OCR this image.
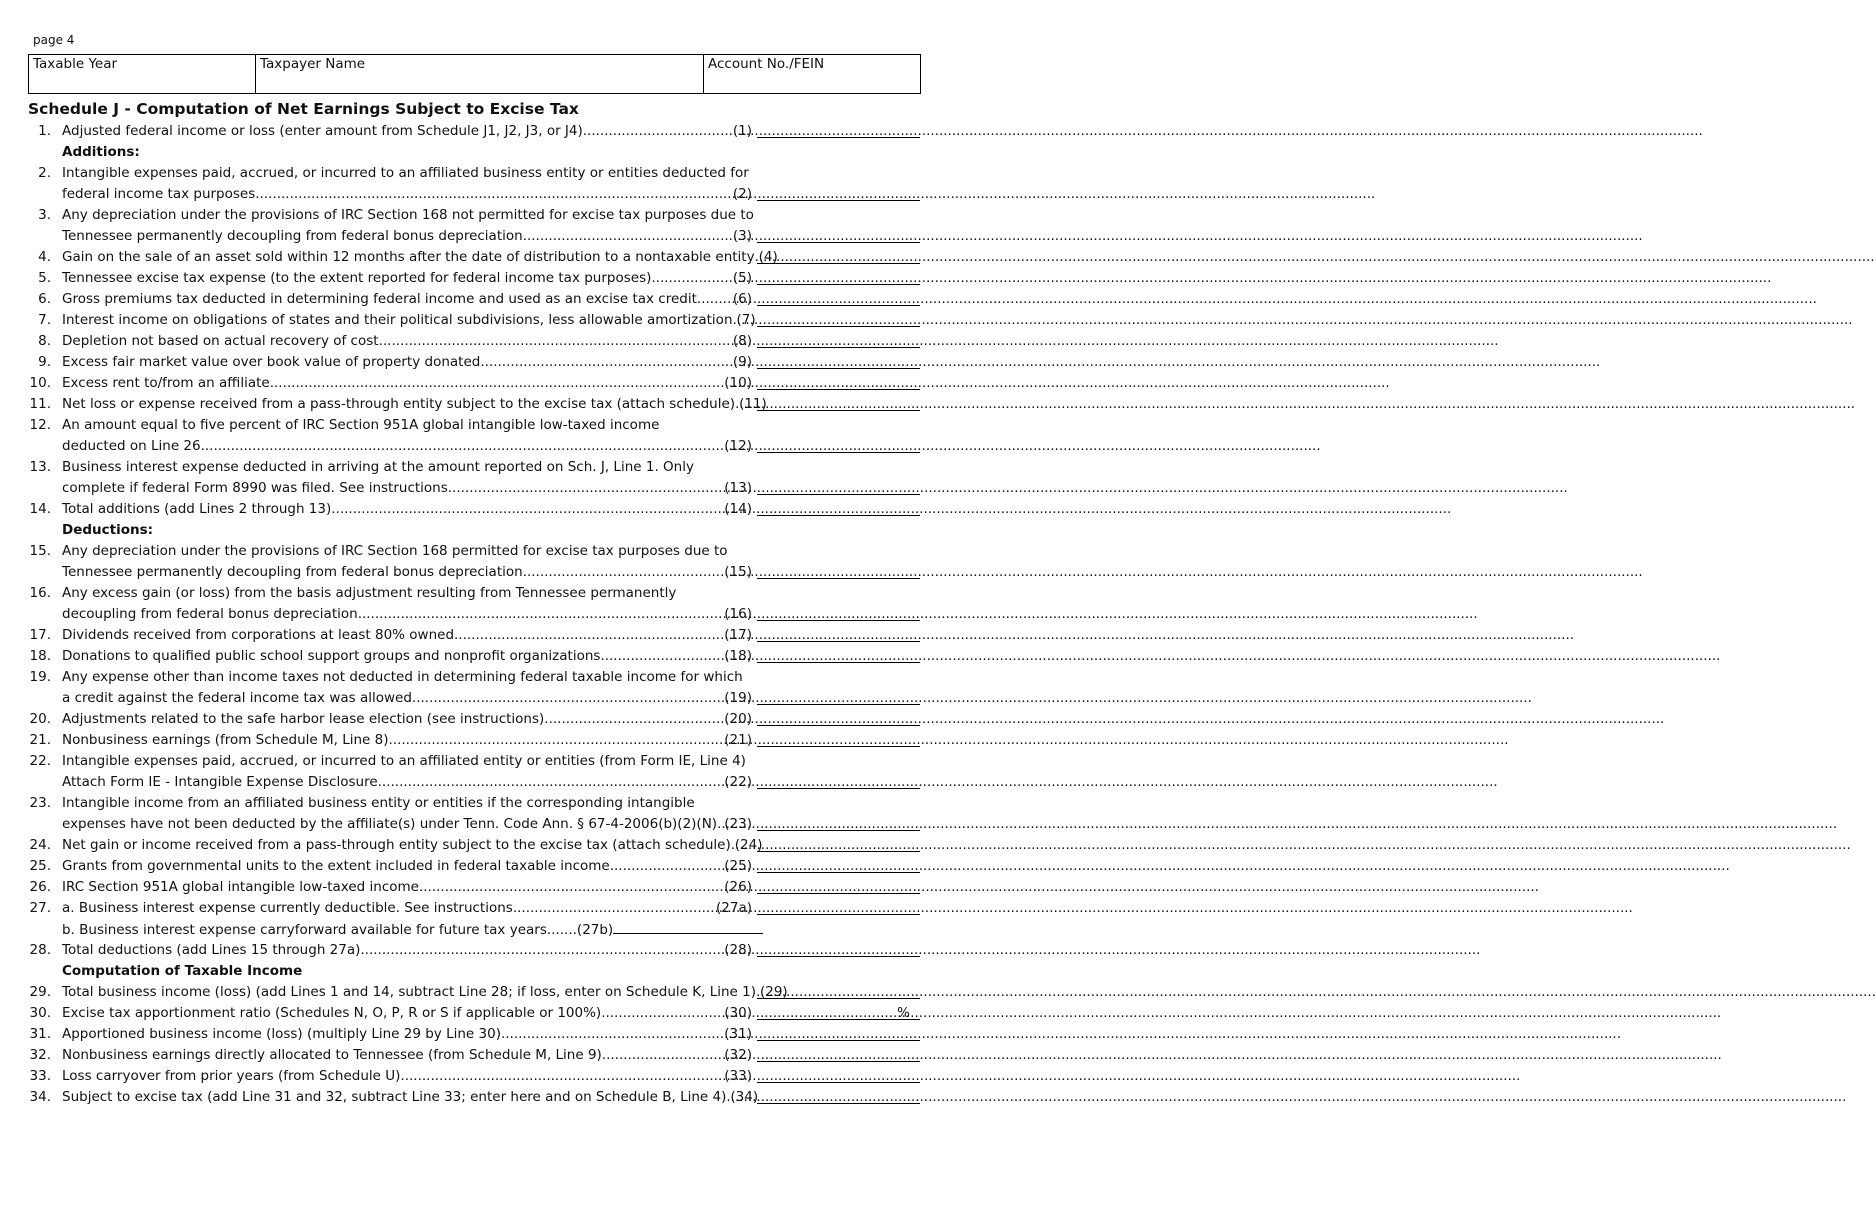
page 4
Taxable Year	Taxpayer Name	Account No./FEIN
Schedule J - Computation of Net Earnings Subject to Excise Tax
1. Adjusted federal income or loss (enter amount from Schedule J1, J2, J3, or J4) .....	(1)
Additions:
2. Intangible expenses paid, accrued, or incurred to an affiliated business entity or entities deducted for
federal income tax purposes .....	(2)
3. Any depreciation under the provisions of IRC Section 168 not permitted for excise tax purposes due to
Tennessee permanently decoupling from federal bonus depreciation .....	(3)
4. Gain on the sale of an asset sold within 12 months after the date of distribution to a nontaxable entity ..... (4)
5. Tennessee excise tax expense (to the extent reported for federal income tax purposes) .....	(5)
6. Gross premiums tax deducted in determining federal income and used as an excise tax credit .....	(6)
7. Interest income on obligations of states and their political subdivisions, less allowable amortization ..... (7)
8. Depletion not based on actual recovery of cost .....	(8)
9. Excess fair market value over book value of property donated .....	(9)
10. Excess rent to/from an affiliate .....	(10)
11. Net loss or expense received from a pass-through entity subject to the excise tax (attach schedule) ..... (11)
12. An amount equal to five percent of IRC Section 951A global intangible low-taxed income
deducted on Line 26 .....	(12)
13. Business interest expense deducted in arriving at the amount reported on Sch. J, Line 1. Only
complete if federal Form 8990 was filed. See instructions .....	(13)
14. Total additions (add Lines 2 through 13) .....	(14)
Deductions:
15. Any depreciation under the provisions of IRC Section 168 permitted for excise tax purposes due to
Tennessee permanently decoupling from federal bonus depreciation .....	(15)
16. Any excess gain (or loss) from the basis adjustment resulting from Tennessee permanently
decoupling from federal bonus depreciation .....	(16)
17. Dividends received from corporations at least 80% owned .....	(17)
18. Donations to qualified public school support groups and nonprofit organizations .....	(18)
19. Any expense other than income taxes not deducted in determining federal taxable income for which
a credit against the federal income tax was allowed .....	(19)
20. Adjustments related to the safe harbor lease election (see instructions) .....	(20)
21. Nonbusiness earnings (from Schedule M, Line 8) .....	(21)
22. Intangible expenses paid, accrued, or incurred to an affiliated entity or entities (from Form IE, Line 4)
Attach Form IE - Intangible Expense Disclosure .....	(22)
23. Intangible income from an affiliated business entity or entities if the corresponding intangible
expenses have not been deducted by the affiliate(s) under Tenn. Code Ann. § 67-4-2006(b)(2)(N) ..... (23)
24. Net gain or income received from a pass-through entity subject to the excise tax (attach schedule) ..... (24)
25. Grants from governmental units to the extent included in federal taxable income .....	(25)
26. IRC Section 951A global intangible low-taxed income .....	(26)
27. a. Business interest expense currently deductible. See instructions .....	(27a)
b. Business interest expense carryforward available for future tax years.......(27b)
28. Total deductions (add Lines 15 through 27a) .....	(28)
Computation of Taxable Income
29. Total business income (loss) (add Lines 1 and 14, subtract Line 28; if loss, enter on Schedule K, Line 1) ..... (29)
30. Excise tax apportionment ratio (Schedules N, O, P, R or S if applicable or 100%) .....	(30)	%
31. Apportioned business income (loss) (multiply Line 29 by Line 30) .....	(31)
32. Nonbusiness earnings directly allocated to Tennessee (from Schedule M, Line 9) .....	(32)
33. Loss carryover from prior years (from Schedule U) .....	(33)
34. Subject to excise tax (add Line 31 and 32, subtract Line 33; enter here and on Schedule B, Line 4) ..... (34)
